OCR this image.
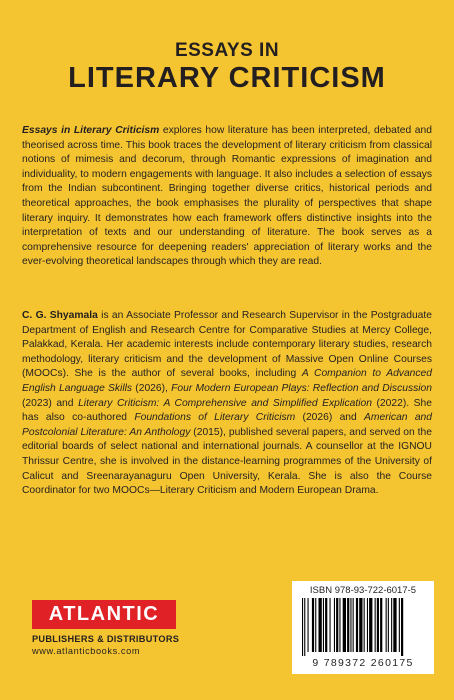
ESSAYS IN
LITERARY CRITICISM

Essays in Literary Criticism explores how literature has been interpreted, debated and theorised across time. This book traces the development of literary criticism from classical notions of mimesis and decorum, through Romantic expressions of imagination and individuality, to modern engagements with language. It also includes a selection of essays from the Indian subcontinent. Bringing together diverse critics, historical periods and theoretical approaches, the book emphasises the plurality of perspectives that shape literary inquiry. It demonstrates how each framework offers distinctive insights into the interpretation of texts and our understanding of literature. The book serves as a comprehensive resource for deepening readers' appreciation of literary works and the ever-evolving theoretical landscapes through which they are read.

C. G. Shyamala is an Associate Professor and Research Supervisor in the Postgraduate Department of English and Research Centre for Comparative Studies at Mercy College, Palakkad, Kerala. Her academic interests include contemporary literary studies, research methodology, literary criticism and the development of Massive Open Online Courses (MOOCs). She is the author of several books, including A Companion to Advanced English Language Skills (2026), Four Modern European Plays: Reflection and Discussion (2023) and Literary Criticism: A Comprehensive and Simplified Explication (2022). She has also co-authored Foundations of Literary Criticism (2026) and American and Postcolonial Literature: An Anthology (2015), published several papers, and served on the editorial boards of select national and international journals. A counsellor at the IGNOU Thrissur Centre, she is involved in the distance-learning programmes of the University of Calicut and Sreenarayanaguru Open University, Kerala. She is also the Course Coordinator for two MOOCs—Literary Criticism and Modern European Drama.

ATLANTIC
PUBLISHERS & DISTRIBUTORS
www.atlanticbooks.com
ISBN 978-93-722-6017-5
9 789372 260175
